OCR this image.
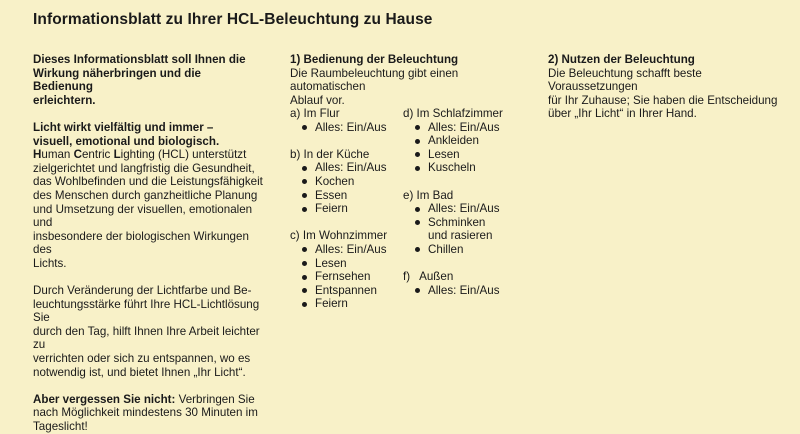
Informationsblatt zu Ihrer HCL-Beleuchtung zu Hause
Dieses Informationsblatt soll Ihnen die
Wirkung näherbringen und die Bedienung
erleichtern.
Licht wirkt vielfältig und immer –
visuell, emotional und biologisch.
Human Centric Lighting (HCL) unterstützt
zielgerichtet und langfristig die Gesundheit,
das Wohlbefinden und die Leistungsfähigkeit
des Menschen durch ganzheitliche Planung
und Umsetzung der visuellen, emotionalen und
insbesondere der biologischen Wirkungen des
Lichts.
Durch Veränderung der Lichtfarbe und Be-
leuchtungsstärke führt Ihre HCL-Lichtlösung Sie
durch den Tag, hilft Ihnen Ihre Arbeit leichter zu
verrichten oder sich zu entspannen, wo es
notwendig ist, und bietet Ihnen „Ihr Licht“.
Aber vergessen Sie nicht: Verbringen Sie
nach Möglichkeit mindestens 30 Minuten im
Tageslicht!
1) Bedienung der Beleuchtung
Die Raumbeleuchtung gibt einen automatischen
Ablauf vor.
a) Im Flur
Alles: Ein/Aus
b) In der Küche
Alles: Ein/Aus
Kochen
Essen
Feiern
c) Im Wohnzimmer
Alles: Ein/Aus
Lesen
Fernsehen
Entspannen
Feiern
d) Im Schlafzimmer
Alles: Ein/Aus
Ankleiden
Lesen
Kuscheln
e) Im Bad
Alles: Ein/Aus
Schminken
und rasieren
Chillen
f)   Außen
Alles: Ein/Aus
2) Nutzen der Beleuchtung
Die Beleuchtung schafft beste Voraussetzungen
für Ihr Zuhause; Sie haben die Entscheidung
über „Ihr Licht“ in Ihrer Hand.
